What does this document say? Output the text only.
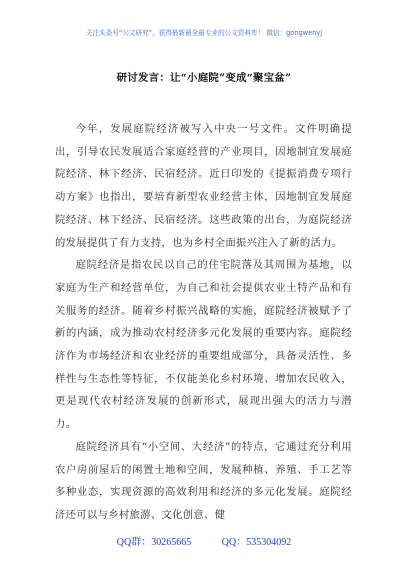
关注头条号“公文研究”，获得最新最全最专业的公文资料库！ 微信：gongwenyj
研讨发言：让“小庭院”变成“聚宝盆”

今年，发展庭院经济被写入中央一号文件。文件明确提出，引导农民发展适合家庭经营的产业项目，因地制宜发展庭院经济、林下经济、民宿经济。近日印发的《提振消费专项行动方案》也指出，要培育新型农业经营主体，因地制宜发展庭院经济、林下经济、民宿经济。这些政策的出台，为庭院经济的发展提供了有力支持，也为乡村全面振兴注入了新的活力。

庭院经济是指农民以自己的住宅院落及其周围为基地，以家庭为生产和经营单位，为自己和社会提供农业土特产品和有关服务的经济。随着乡村振兴战略的实施，庭院经济被赋予了新的内涵，成为推动农村经济多元化发展的重要内容。庭院经济作为市场经济和农业经济的重要组成部分，具备灵活性、多样性与生态性等特征，不仅能美化乡村环境、增加农民收入，更是现代农村经济发展的创新形式，展现出强大的活力与潜力。

庭院经济具有“小空间、大经济”的特点，它通过充分利用农户房前屋后的闲置土地和空间，发展种植、养殖、手工艺等多种业态，实现资源的高效利用和经济的多元化发展。庭院经济还可以与乡村旅游、文化创意、健

QQ群：30265665	QQ：535304092
